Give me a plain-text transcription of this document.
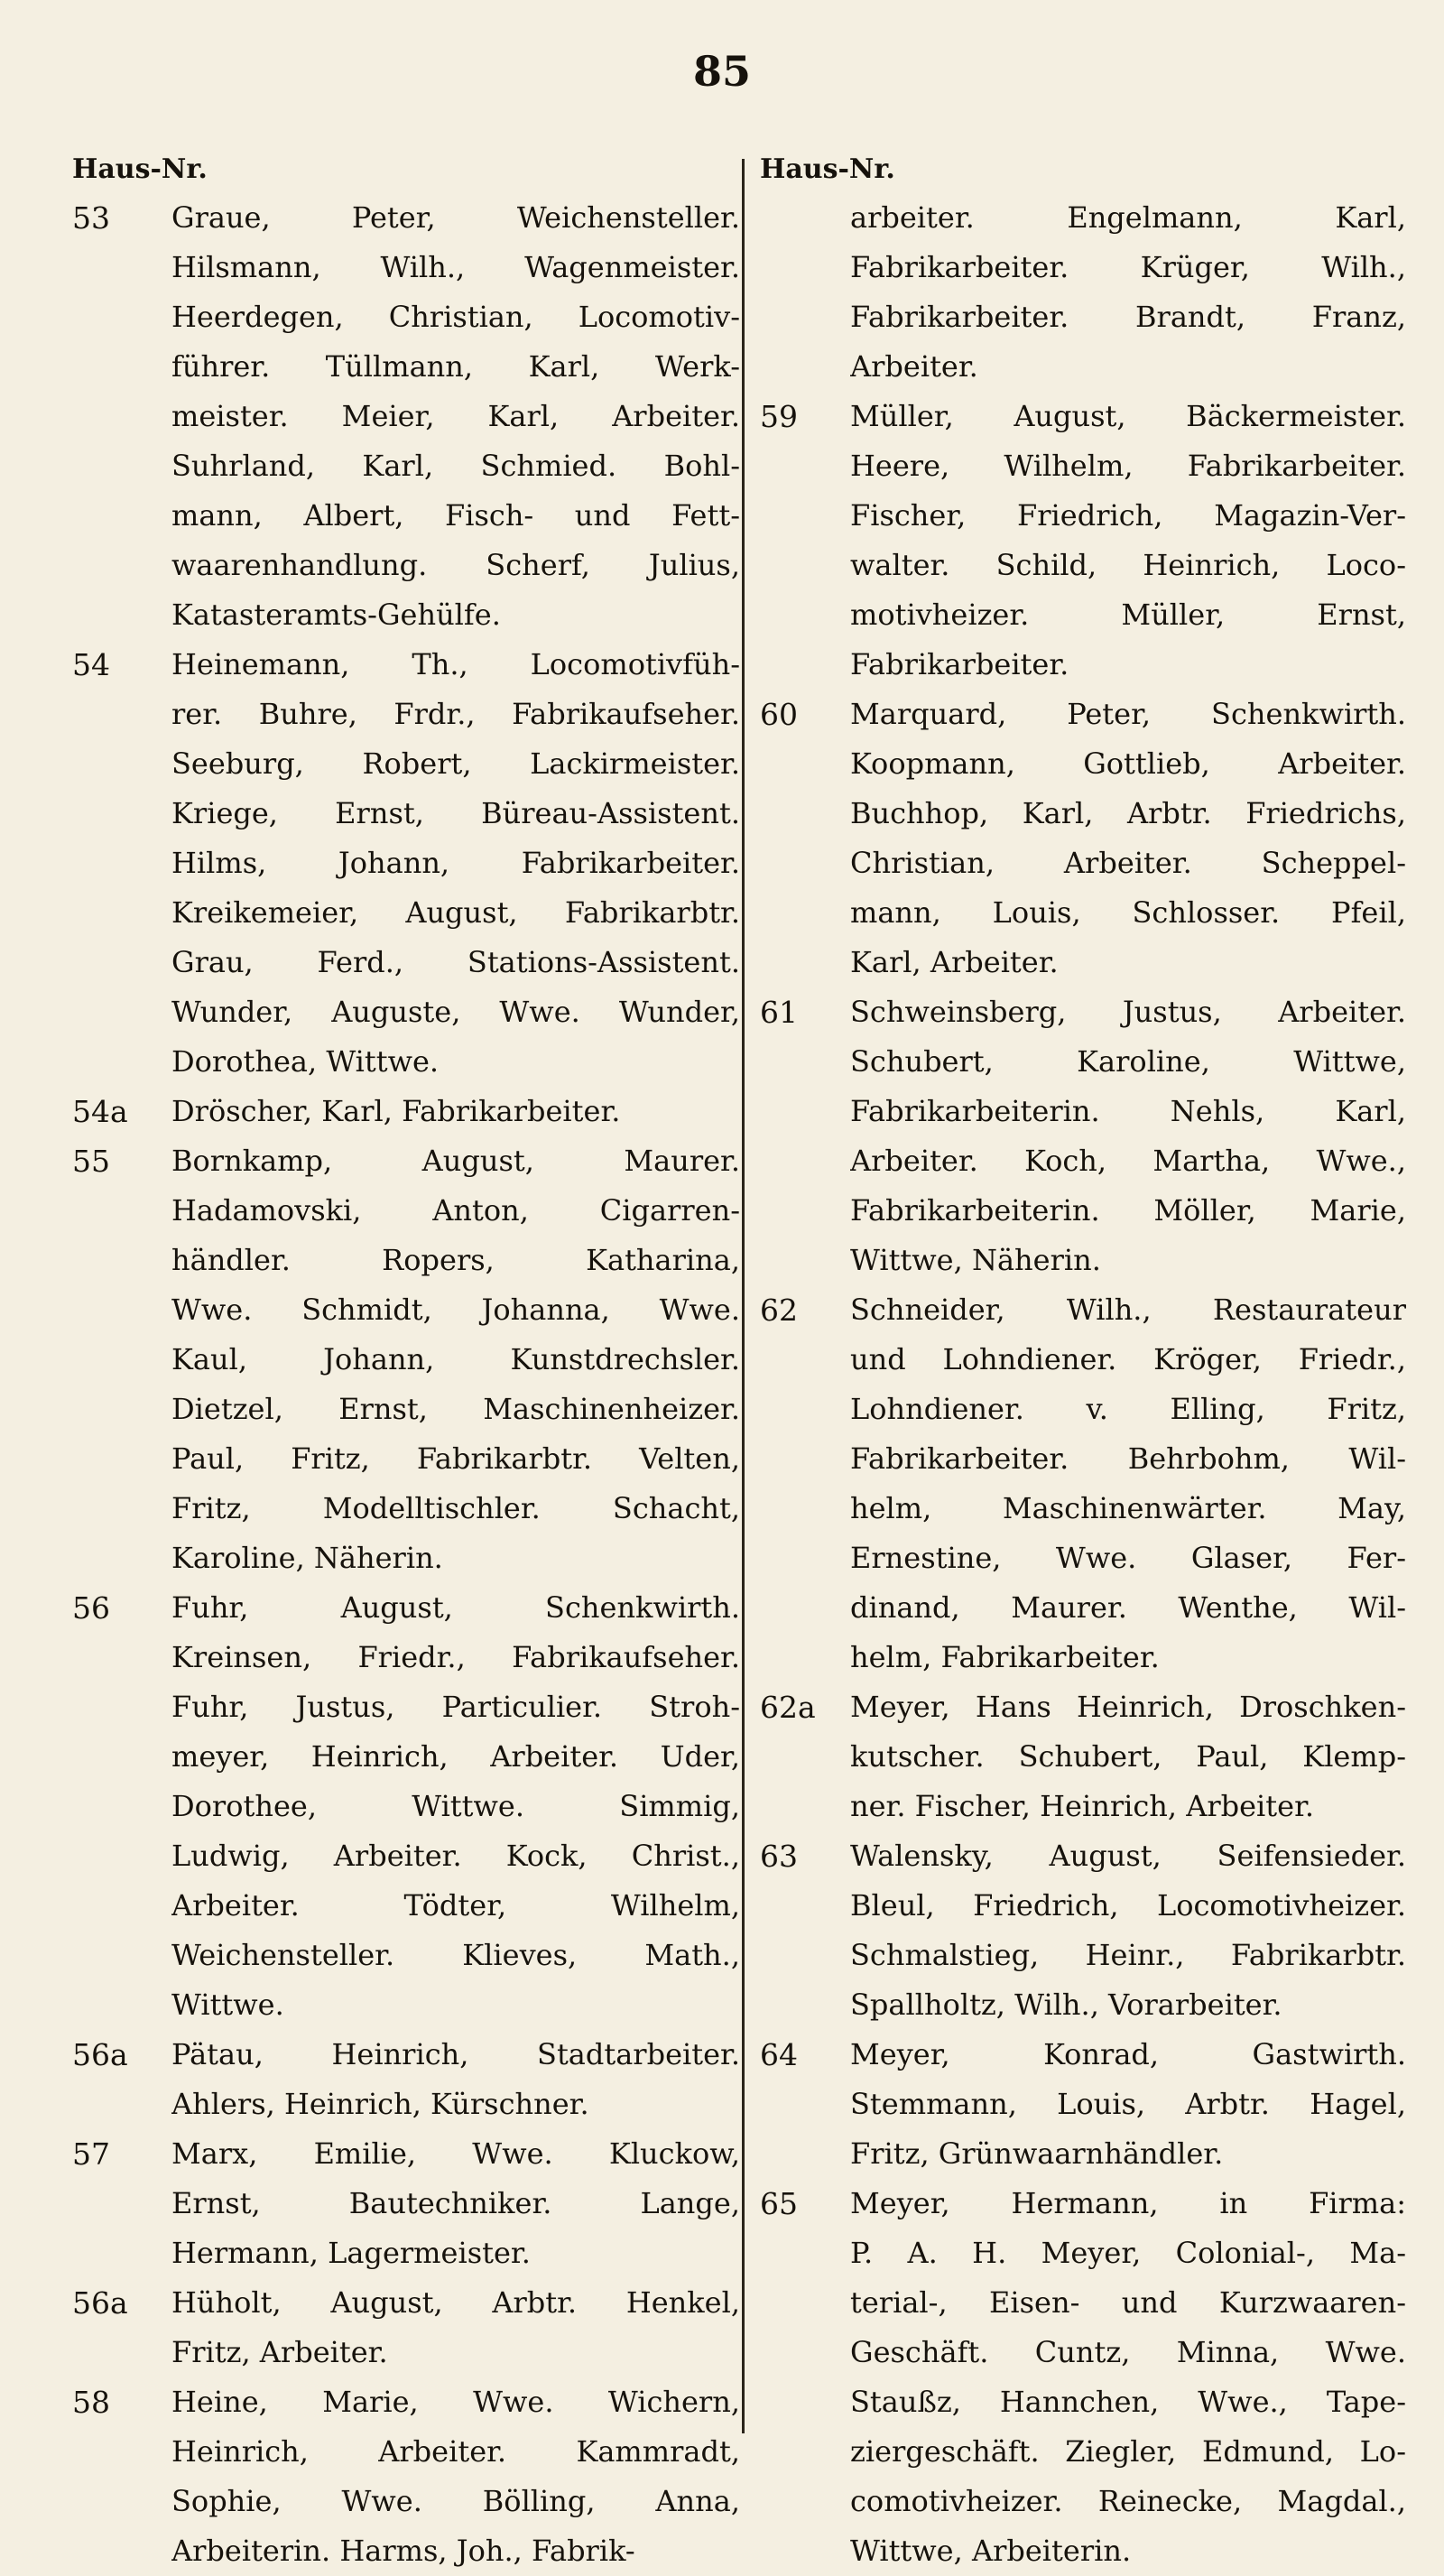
85
Haus-Nr.
53	Graue, Peter, Weichensteller.
Hilsmann, Wilh., Wagenmeister.
Heerdegen, Christian, Locomotiv-
führer. Tüllmann, Karl, Werk-
meister. Meier, Karl, Arbeiter.
Suhrland, Karl, Schmied. Bohl-
mann, Albert, Fisch- und Fett-
waarenhandlung. Scherf, Julius,
Katasteramts-Gehülfe.
54	Heinemann, Th., Locomotivfüh-
rer. Buhre, Frdr., Fabrikaufseher.
Seeburg, Robert, Lackirmeister.
Kriege, Ernst, Büreau-Assistent.
Hilms, Johann, Fabrikarbeiter.
Kreikemeier, August, Fabrikarbtr.
Grau, Ferd., Stations-Assistent.
Wunder, Auguste, Wwe. Wunder,
Dorothea, Wittwe.
54a	Dröscher, Karl, Fabrikarbeiter.
55	Bornkamp, August, Maurer.
Hadamovski, Anton, Cigarren-
händler. Ropers, Katharina,
Wwe. Schmidt, Johanna, Wwe.
Kaul, Johann, Kunstdrechsler.
Dietzel, Ernst, Maschinenheizer.
Paul, Fritz, Fabrikarbtr. Velten,
Fritz, Modelltischler. Schacht,
Karoline, Näherin.
56	Fuhr, August, Schenkwirth.
Kreinsen, Friedr., Fabrikaufseher.
Fuhr, Justus, Particulier. Stroh-
meyer, Heinrich, Arbeiter. Uder,
Dorothee, Wittwe. Simmig,
Ludwig, Arbeiter. Kock, Christ.,
Arbeiter. Tödter, Wilhelm,
Weichensteller. Klieves, Math.,
Wittwe.
56a	Pätau, Heinrich, Stadtarbeiter.
Ahlers, Heinrich, Kürschner.
57	Marx, Emilie, Wwe. Kluckow,
Ernst, Bautechniker. Lange,
Hermann, Lagermeister.
56a	Hüholt, August, Arbtr. Henkel,
Fritz, Arbeiter.
58	Heine, Marie, Wwe. Wichern,
Heinrich, Arbeiter. Kammradt,
Sophie, Wwe. Bölling, Anna,
Arbeiterin. Harms, Joh., Fabrik-
Haus-Nr.
arbeiter. Engelmann, Karl,
Fabrikarbeiter. Krüger, Wilh.,
Fabrikarbeiter. Brandt, Franz,
Arbeiter.
59	Müller, August, Bäckermeister.
Heere, Wilhelm, Fabrikarbeiter.
Fischer, Friedrich, Magazin-Ver-
walter. Schild, Heinrich, Loco-
motivheizer. Müller, Ernst,
Fabrikarbeiter.
60	Marquard, Peter, Schenkwirth.
Koopmann, Gottlieb, Arbeiter.
Buchhop, Karl, Arbtr. Friedrichs,
Christian, Arbeiter. Scheppel-
mann, Louis, Schlosser. Pfeil,
Karl, Arbeiter.
61	Schweinsberg, Justus, Arbeiter.
Schubert, Karoline, Wittwe,
Fabrikarbeiterin. Nehls, Karl,
Arbeiter. Koch, Martha, Wwe.,
Fabrikarbeiterin. Möller, Marie,
Wittwe, Näherin.
62	Schneider, Wilh., Restaurateur
und Lohndiener. Kröger, Friedr.,
Lohndiener. v. Elling, Fritz,
Fabrikarbeiter. Behrbohm, Wil-
helm, Maschinenwärter. May,
Ernestine, Wwe. Glaser, Fer-
dinand, Maurer. Wenthe, Wil-
helm, Fabrikarbeiter.
62a	Meyer, Hans Heinrich, Droschken-
kutscher. Schubert, Paul, Klemp-
ner. Fischer, Heinrich, Arbeiter.
63	Walensky, August, Seifensieder.
Bleul, Friedrich, Locomotivheizer.
Schmalstieg, Heinr., Fabrikarbtr.
Spallholtz, Wilh., Vorarbeiter.
64	Meyer, Konrad, Gastwirth.
Stemmann, Louis, Arbtr. Hagel,
Fritz, Grünwaarnhändler.
65	Meyer, Hermann, in Firma:
P. A. H. Meyer, Colonial-, Ma-
terial-, Eisen- und Kurzwaaren-
Geschäft. Cuntz, Minna, Wwe.
Staußz, Hannchen, Wwe., Tape-
ziergeschäft. Ziegler, Edmund, Lo-
comotivheizer. Reinecke, Magdal.,
Wittwe, Arbeiterin.
